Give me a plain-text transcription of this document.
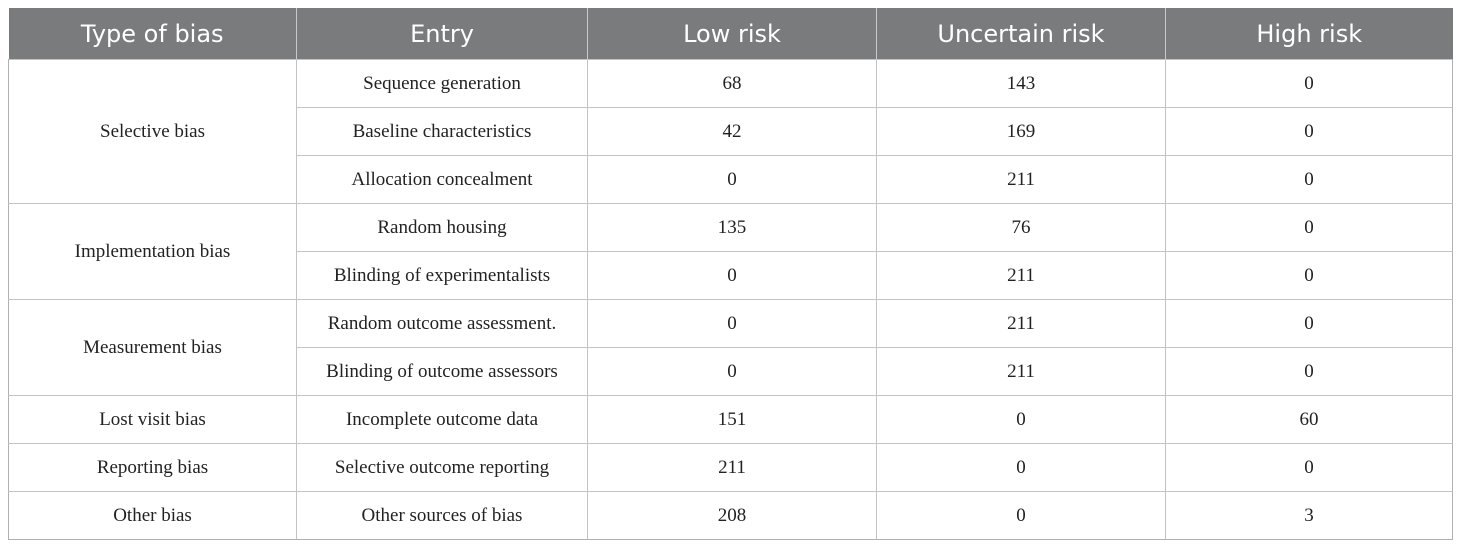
Type of bias	Entry	Low risk	Uncertain risk	High risk
Selective bias	Sequence generation	68	143	0
	Baseline characteristics	42	169	0
	Allocation concealment	0	211	0
Implementation bias	Random housing	135	76	0
	Blinding of experimentalists	0	211	0
Measurement bias	Random outcome assessment.	0	211	0
	Blinding of outcome assessors	0	211	0
Lost visit bias	Incomplete outcome data	151	0	60
Reporting bias	Selective outcome reporting	211	0	0
Other bias	Other sources of bias	208	0	3
